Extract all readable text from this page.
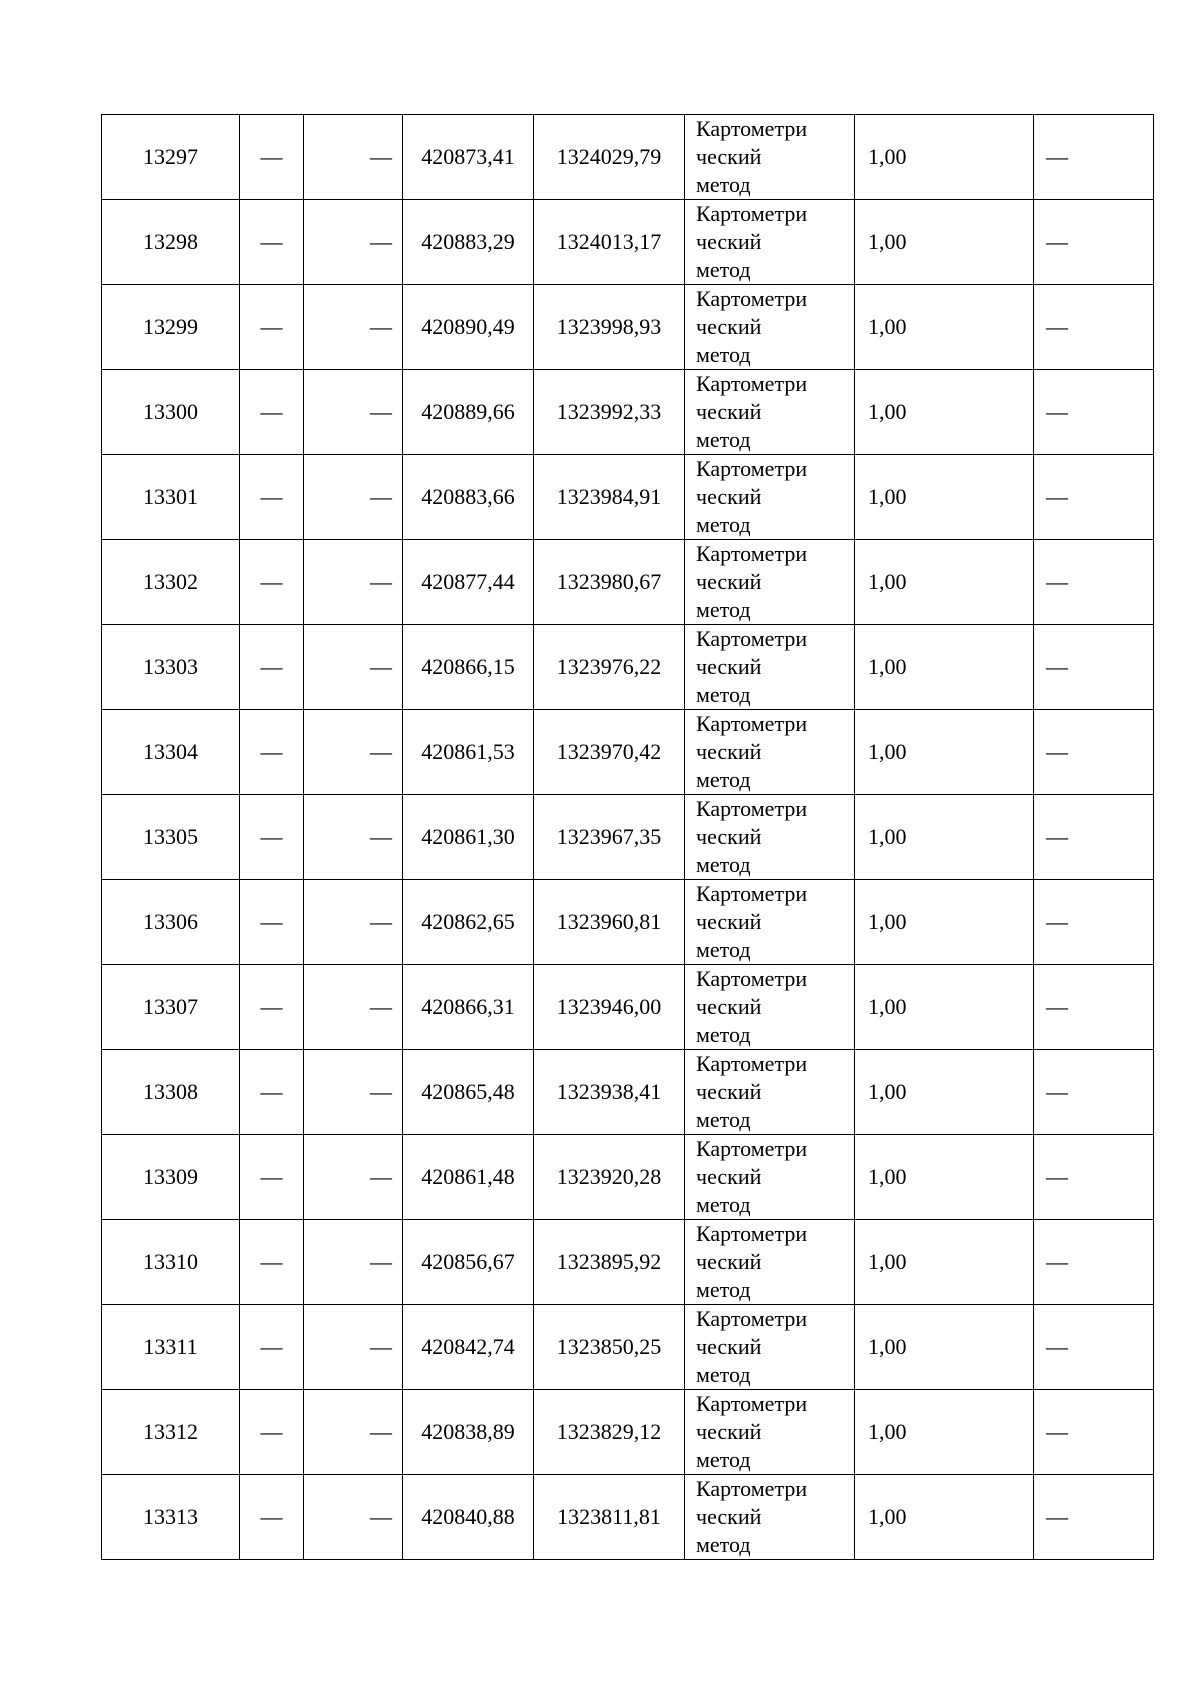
13297	—	—	420873,41	1324029,79	Картометри
ческий
метод	1,00	—
13298	—	—	420883,29	1324013,17	Картометри
ческий
метод	1,00	—
13299	—	—	420890,49	1323998,93	Картометри
ческий
метод	1,00	—
13300	—	—	420889,66	1323992,33	Картометри
ческий
метод	1,00	—
13301	—	—	420883,66	1323984,91	Картометри
ческий
метод	1,00	—
13302	—	—	420877,44	1323980,67	Картометри
ческий
метод	1,00	—
13303	—	—	420866,15	1323976,22	Картометри
ческий
метод	1,00	—
13304	—	—	420861,53	1323970,42	Картометри
ческий
метод	1,00	—
13305	—	—	420861,30	1323967,35	Картометри
ческий
метод	1,00	—
13306	—	—	420862,65	1323960,81	Картометри
ческий
метод	1,00	—
13307	—	—	420866,31	1323946,00	Картометри
ческий
метод	1,00	—
13308	—	—	420865,48	1323938,41	Картометри
ческий
метод	1,00	—
13309	—	—	420861,48	1323920,28	Картометри
ческий
метод	1,00	—
13310	—	—	420856,67	1323895,92	Картометри
ческий
метод	1,00	—
13311	—	—	420842,74	1323850,25	Картометри
ческий
метод	1,00	—
13312	—	—	420838,89	1323829,12	Картометри
ческий
метод	1,00	—
13313	—	—	420840,88	1323811,81	Картометри
ческий
метод	1,00	—
